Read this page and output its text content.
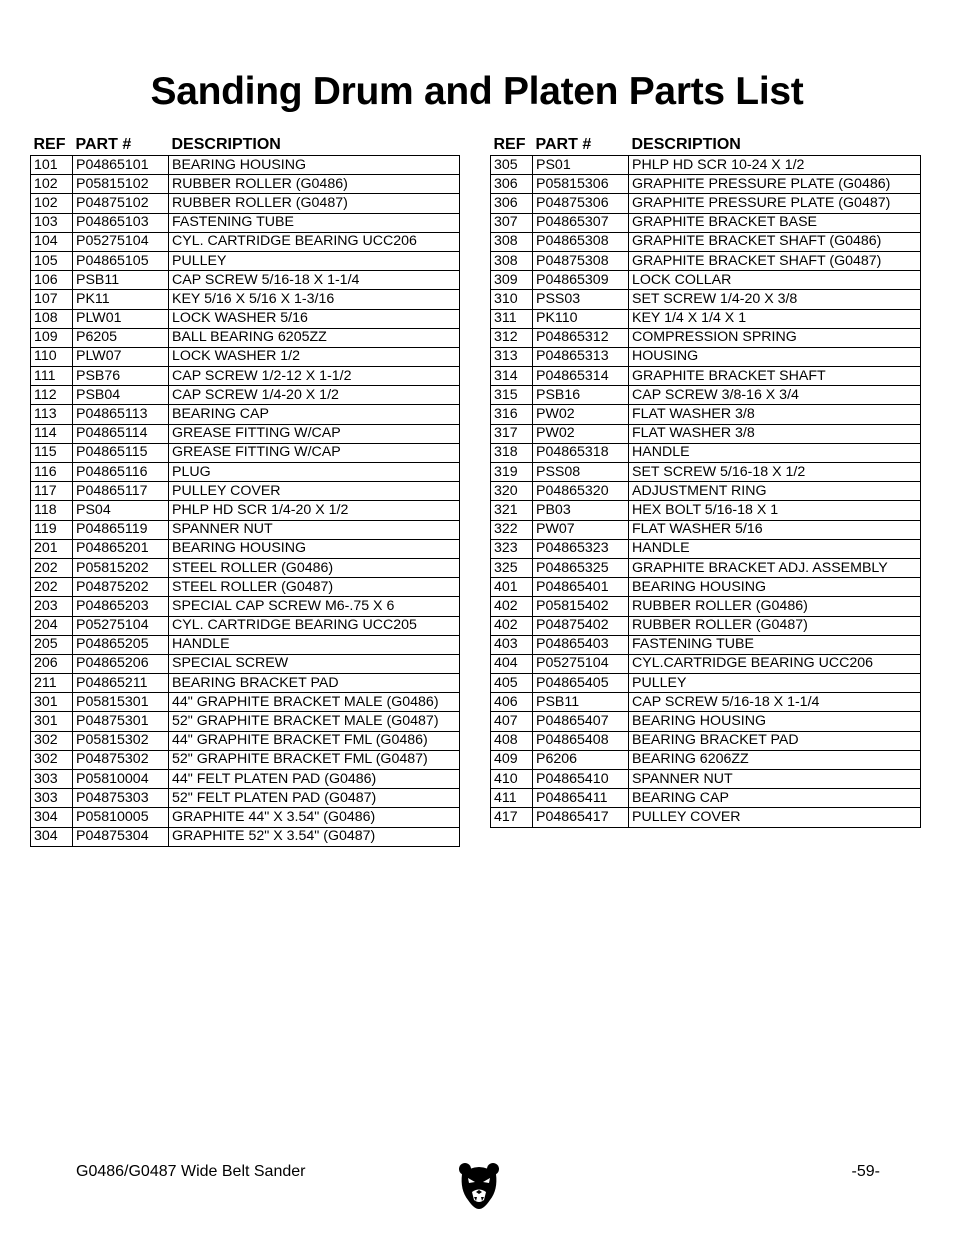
Sanding Drum and Platen Parts List
REF	PART #	DESCRIPTION
101	P04865101	BEARING HOUSING
102	P05815102	RUBBER ROLLER (G0486)
102	P04875102	RUBBER ROLLER (G0487)
103	P04865103	FASTENING TUBE
104	P05275104	CYL. CARTRIDGE BEARING UCC206
105	P04865105	PULLEY
106	PSB11	CAP SCREW 5/16-18 X 1-1/4
107	PK11	KEY 5/16 X 5/16 X 1-3/16
108	PLW01	LOCK WASHER 5/16
109	P6205	BALL BEARING 6205ZZ
110	PLW07	LOCK WASHER 1/2
111	PSB76	CAP SCREW 1/2-12 X 1-1/2
112	PSB04	CAP SCREW 1/4-20 X 1/2
113	P04865113	BEARING CAP
114	P04865114	GREASE FITTING W/CAP
115	P04865115	GREASE FITTING W/CAP
116	P04865116	PLUG
117	P04865117	PULLEY COVER
118	PS04	PHLP HD SCR 1/4-20 X 1/2
119	P04865119	SPANNER NUT
201	P04865201	BEARING HOUSING
202	P05815202	STEEL ROLLER (G0486)
202	P04875202	STEEL ROLLER (G0487)
203	P04865203	SPECIAL CAP SCREW M6-.75 X 6
204	P05275104	CYL. CARTRIDGE BEARING UCC205
205	P04865205	HANDLE
206	P04865206	SPECIAL SCREW
211	P04865211	BEARING BRACKET PAD
301	P05815301	44" GRAPHITE BRACKET MALE (G0486)
301	P04875301	52" GRAPHITE BRACKET MALE (G0487)
302	P05815302	44" GRAPHITE BRACKET FML (G0486)
302	P04875302	52" GRAPHITE BRACKET FML (G0487)
303	P05810004	44" FELT PLATEN PAD (G0486)
303	P04875303	52" FELT PLATEN PAD (G0487)
304	P05810005	GRAPHITE 44" X 3.54" (G0486)
304	P04875304	GRAPHITE 52" X 3.54" (G0487)
REF	PART #	DESCRIPTION
305	PS01	PHLP HD SCR 10-24 X 1/2
306	P05815306	GRAPHITE PRESSURE PLATE (G0486)
306	P04875306	GRAPHITE PRESSURE PLATE (G0487)
307	P04865307	GRAPHITE BRACKET BASE
308	P04865308	GRAPHITE BRACKET SHAFT (G0486)
308	P04875308	GRAPHITE BRACKET SHAFT (G0487)
309	P04865309	LOCK COLLAR
310	PSS03	SET SCREW 1/4-20 X 3/8
311	PK110	KEY 1/4 X 1/4 X 1
312	P04865312	COMPRESSION SPRING
313	P04865313	HOUSING
314	P04865314	GRAPHITE BRACKET SHAFT
315	PSB16	CAP SCREW 3/8-16 X 3/4
316	PW02	FLAT WASHER 3/8
317	PW02	FLAT WASHER 3/8
318	P04865318	HANDLE
319	PSS08	SET SCREW 5/16-18 X 1/2
320	P04865320	ADJUSTMENT RING
321	PB03	HEX BOLT 5/16-18 X 1
322	PW07	FLAT WASHER 5/16
323	P04865323	HANDLE
325	P04865325	GRAPHITE BRACKET ADJ. ASSEMBLY
401	P04865401	BEARING HOUSING
402	P05815402	RUBBER ROLLER (G0486)
402	P04875402	RUBBER ROLLER (G0487)
403	P04865403	FASTENING TUBE
404	P05275104	CYL.CARTRIDGE BEARING UCC206
405	P04865405	PULLEY
406	PSB11	CAP SCREW 5/16-18 X 1-1/4
407	P04865407	BEARING HOUSING
408	P04865408	BEARING BRACKET PAD
409	P6206	BEARING 6206ZZ
410	P04865410	SPANNER NUT
411	P04865411	BEARING CAP
417	P04865417	PULLEY COVER
G0486/G0487 Wide Belt Sander	-59-
